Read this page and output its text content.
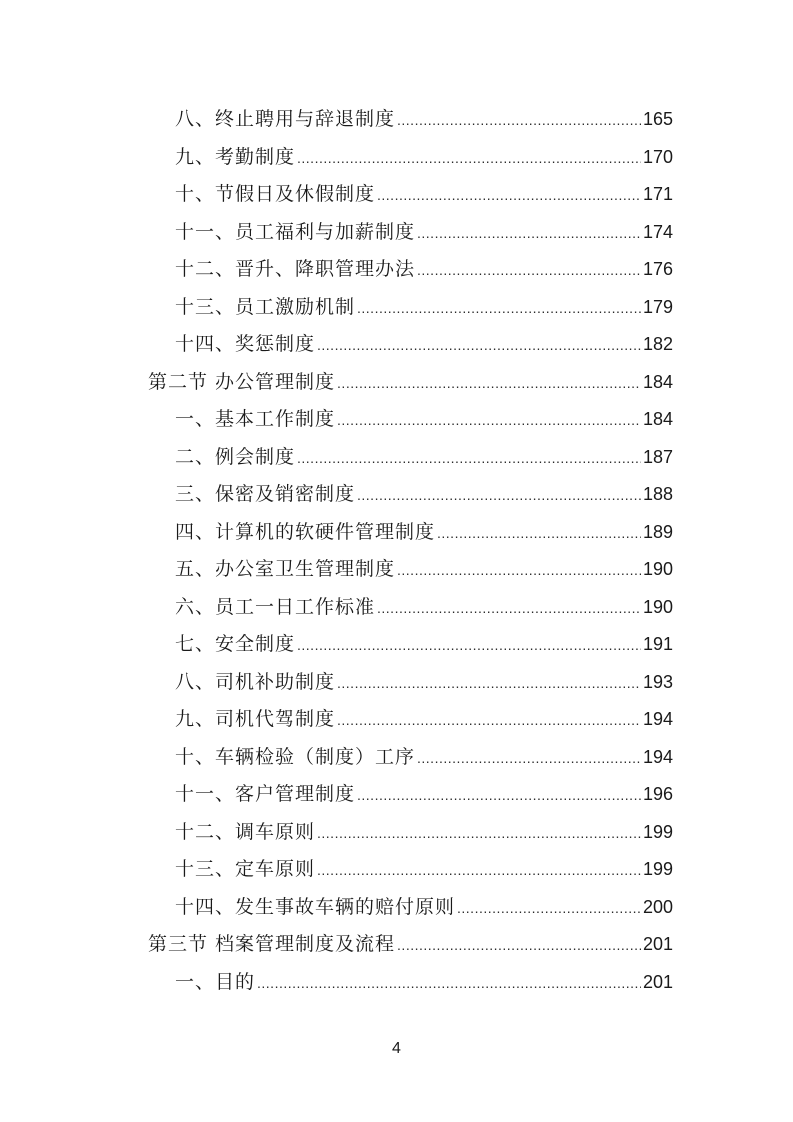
八、终止聘用与辞退制度 .....	165
九、考勤制度 .....	170
十、节假日及休假制度 .....	171
十一、员工福利与加薪制度 .....	174
十二、晋升、降职管理办法 .....	176
十三、员工激励机制 .....	179
十四、奖惩制度 .....	182
第二节 办公管理制度 .....	184
一、基本工作制度 .....	184
二、例会制度 .....	187
三、保密及销密制度 .....	188
四、计算机的软硬件管理制度 .....	189
五、办公室卫生管理制度 .....	190
六、员工一日工作标准 .....	190
七、安全制度 .....	191
八、司机补助制度 .....	193
九、司机代驾制度 .....	194
十、车辆检验（制度）工序 .....	194
十一、客户管理制度 .....	196
十二、调车原则 .....	199
十三、定车原则 .....	199
十四、发生事故车辆的赔付原则 .....	200
第三节 档案管理制度及流程 .....	201
一、目的 .....	201
4
